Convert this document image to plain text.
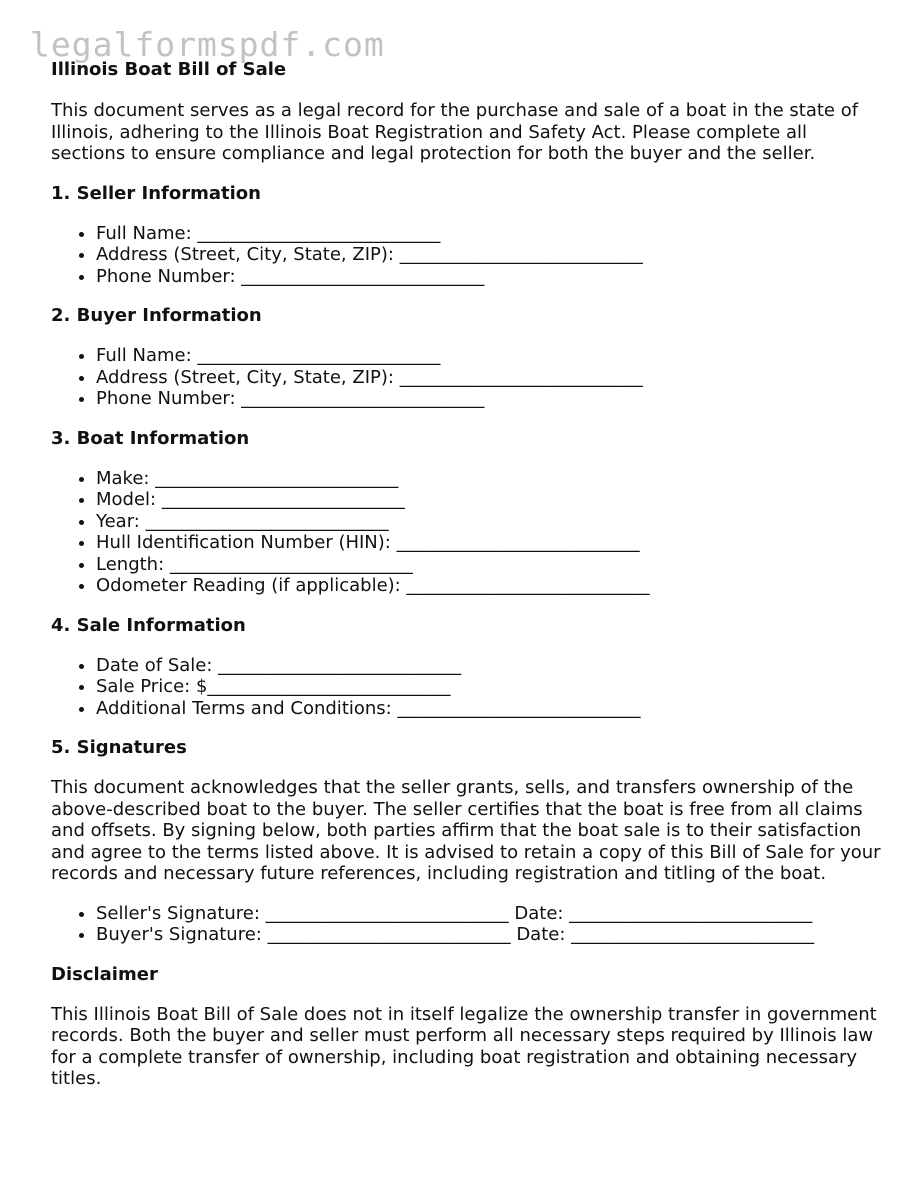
legalformspdf.com
Illinois Boat Bill of Sale

This document serves as a legal record for the purchase and sale of a boat in the state of Illinois, adhering to the Illinois Boat Registration and Safety Act. Please complete all sections to ensure compliance and legal protection for both the buyer and the seller.

1. Seller Information
• Full Name: ___________________________
• Address (Street, City, State, ZIP): ___________________________
• Phone Number: ___________________________
2. Buyer Information
• Full Name: ___________________________
• Address (Street, City, State, ZIP): ___________________________
• Phone Number: ___________________________
3. Boat Information
• Make: ___________________________
• Model: ___________________________
• Year: ___________________________
• Hull Identification Number (HIN): ___________________________
• Length: ___________________________
• Odometer Reading (if applicable): ___________________________
4. Sale Information
• Date of Sale: ___________________________
• Sale Price: $___________________________
• Additional Terms and Conditions: ___________________________
5. Signatures

This document acknowledges that the seller grants, sells, and transfers ownership of the above-described boat to the buyer. The seller certifies that the boat is free from all claims and offsets. By signing below, both parties affirm that the boat sale is to their satisfaction and agree to the terms listed above. It is advised to retain a copy of this Bill of Sale for your records and necessary future references, including registration and titling of the boat.

• Seller's Signature: ___________________________ Date: ___________________________
• Buyer's Signature: ___________________________ Date: ___________________________
Disclaimer

This Illinois Boat Bill of Sale does not in itself legalize the ownership transfer in government records. Both the buyer and seller must perform all necessary steps required by Illinois law for a complete transfer of ownership, including boat registration and obtaining necessary titles.
